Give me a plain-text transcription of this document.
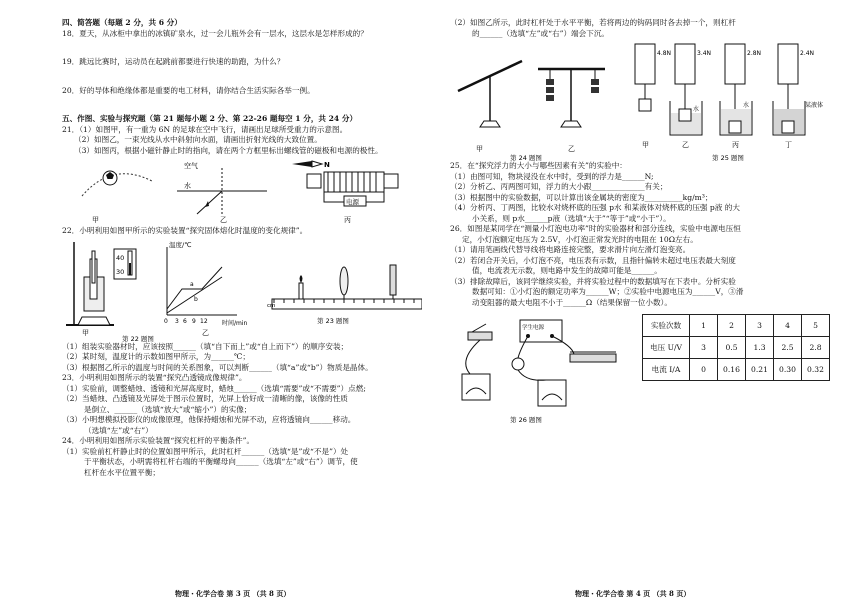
四、简答题（每题 2 分，共 6 分）
18．夏天，从冰柜中拿出的冰镇矿泉水，过一会儿瓶外会有一层水，这层水是怎样形成的？
19．跳远比赛时，运动员在起跳前都要进行快速的助跑，为什么？
20．好的导体和绝缘体都是重要的电工材料，请你结合生活实际各举一例。
五、作图、实验与探究题（第 21 题每小题 2 分、第 22-26 题每空 1 分，共 24 分）
21．（1）如图甲，有一重为 6N 的足球在空中飞行，请画出足球所受重力的示意图。
（2）如图乙，一束光线从水中斜射向水面，请画出折射光线的大致位置。
（3）如图丙，根据小磁针静止时的指向，请在两个方框里标出螺线管的磁极和电源的极性。
空气
水
N
电源
甲	乙	丙
22．小明利用如图甲所示的实验装置“探究固体熔化时温度的变化规律”。
40
30
温度/℃
时间/min
0 3 6 9 12
a
b
甲	乙
第 22 题图
cm
第 23 题图
（1）组装实验器材时，应该按照______（填“自下而上”或“自上而下”）的顺序安装；
（2）某时刻，温度计的示数如图甲所示，为______℃；
（3）根据图乙所示的温度与时间的关系图象，可以判断______（填“a”或“b”）物质是晶体。
23．小明利用如图所示的装置“探究凸透镜成像规律”。
（1）实验前，调整蜡烛、透镜和光屏高度时，蜡烛______（选填“需要”或“不需要”）点燃;
（2）当蜡烛、凸透镜及光屏处于图示位置时，光屏上恰好成一清晰的像，该像的性质
是倒立、______（选填“放大”或“缩小”）的实像；
（3）小明想模拟投影仪的成像原理，他保持蜡烛和光屏不动，应将透镜向______移动。
（选填“左”或“右”）
24．小明利用如图所示实验装置“探究杠杆的平衡条件”。
（1）实验前杠杆静止时的位置如图甲所示，此时杠杆______（选填“是”或“不是”）处
于平衡状态，小明需将杠杆右端的平衡螺母向______（选填“左”或“右”）调节，使
杠杆在水平位置平衡；
物理・化学合卷 第 3 页 （共 8 页）
（2）如图乙所示，此时杠杆处于水平平衡，若将两边的钩码同时各去掉一个，则杠杆
的______（选填“左”或“右”）端会下沉。
甲	乙
第 24 题图
4.8N	3.4N	2.8N	2.4N
水
水	某液体
甲	乙	丙	丁
第 25 题图
25．在“探究浮力的大小与哪些因素有关”的实验中：
（1）由图可知，物块浸没在水中时，受到的浮力是______N;
（2）分析乙、丙两图可知，浮力的大小跟______________有关；
（3）根据图中的实验数据，可以计算出该金属块的密度为__________kg/m³；
（4）分析丙、丁两图，比较水对烧杯底的压强 p水 和某液体对烧杯底的压强 p液 的大
小关系，则 p水______p液（选填“大于”“等于”或“小于”）。
26．如图是某同学在“测量小灯泡电功率”时的实验器材和部分连线，实验中电源电压恒
定，小灯泡额定电压为 2.5V，小灯泡正常发光时的电阻在 10Ω左右。
（1）请用笔画线代替导线将电路连接完整，要求滑片向左滑灯泡变亮。
（2）若闭合开关后，小灯泡不亮，电压表有示数，且指针偏转未超过电压表最大刻度
值，电流表无示数，则电路中发生的故障可能是______。
（3）排除故障后，该同学继续实验，并将实验过程中的数据填写在下表中。分析实验
数据可知：①小灯泡的额定功率为______W；②实验中电源电压为______V，③滑
动变阻器的最大电阻不小于______Ω（结果保留一位小数）。
学生电源
第 26 题图
实验次数	1	2	3	4	5
电压 U/V	3	0.5	1.3	2.5	2.8
电流 I/A	0	0.16	0.21	0.30	0.32
物理・化学合卷 第 4 页 （共 8 页）
